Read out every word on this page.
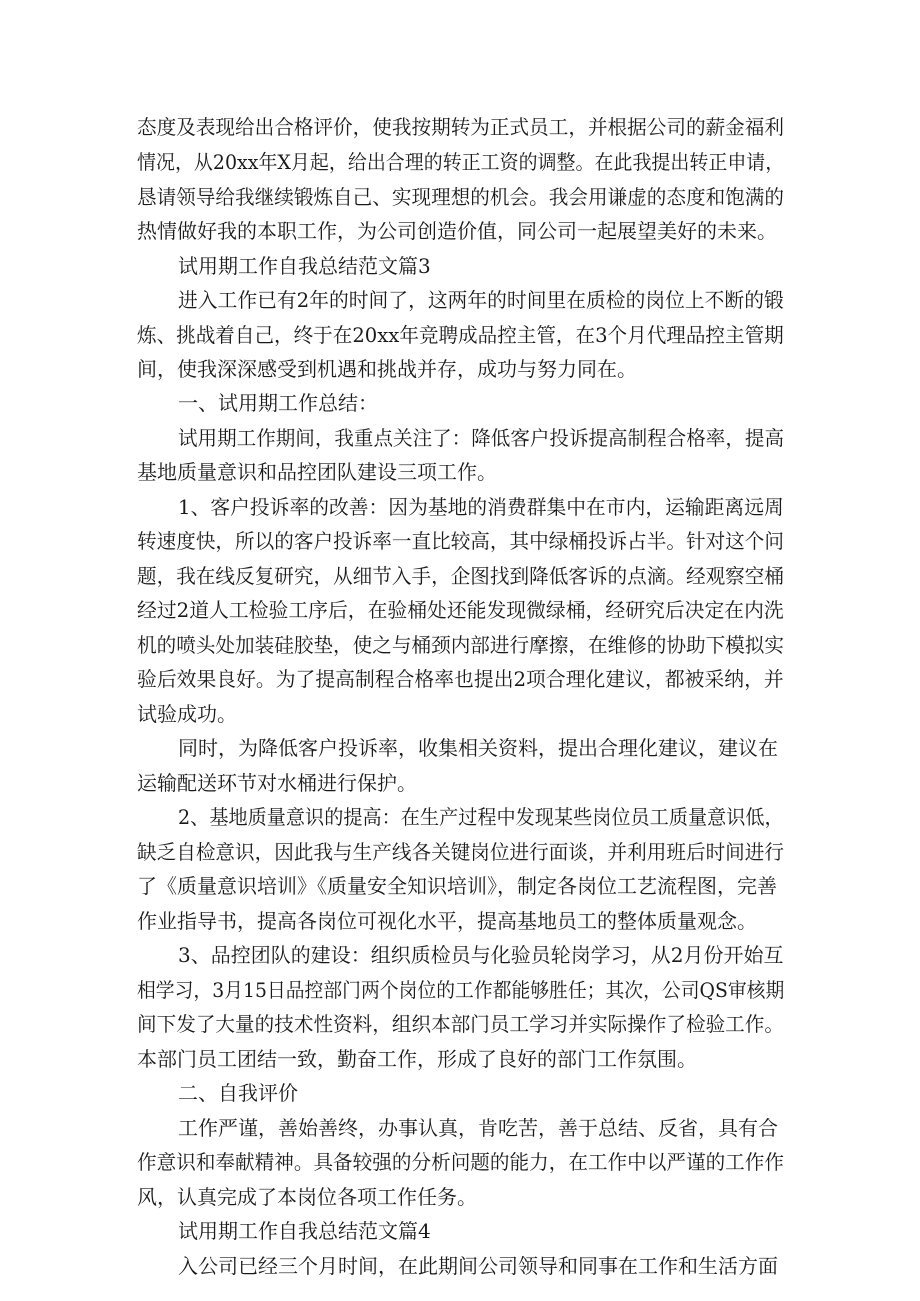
态度及表现给出合格评价，使我按期转为正式员工，并根据公司的薪金福利
情况，从20xx年X月起，给出合理的转正工资的调整。在此我提出转正申请，
恳请领导给我继续锻炼自己、实现理想的机会。我会用谦虚的态度和饱满的
热情做好我的本职工作，为公司创造价值，同公司一起展望美好的未来。
试用期工作自我总结范文篇3
进入工作已有2年的时间了，这两年的时间里在质检的岗位上不断的锻
炼、挑战着自己，终于在20xx年竞聘成品控主管，在3个月代理品控主管期
间，使我深深感受到机遇和挑战并存，成功与努力同在。
一、试用期工作总结：
试用期工作期间，我重点关注了：降低客户投诉提高制程合格率，提高
基地质量意识和品控团队建设三项工作。
1、客户投诉率的改善：因为基地的消费群集中在市内，运输距离远周
转速度快，所以的客户投诉率一直比较高，其中绿桶投诉占半。针对这个问
题，我在线反复研究，从细节入手，企图找到降低客诉的点滴。经观察空桶
经过2道人工检验工序后，在验桶处还能发现微绿桶，经研究后决定在内洗
机的喷头处加装硅胶垫，使之与桶颈内部进行摩擦，在维修的协助下模拟实
验后效果良好。为了提高制程合格率也提出2项合理化建议，都被采纳，并
试验成功。
同时，为降低客户投诉率，收集相关资料，提出合理化建议，建议在
运输配送环节对水桶进行保护。
2、基地质量意识的提高：在生产过程中发现某些岗位员工质量意识低，
缺乏自检意识，因此我与生产线各关键岗位进行面谈，并利用班后时间进行
了《质量意识培训》《质量安全知识培训》，制定各岗位工艺流程图，完善
作业指导书，提高各岗位可视化水平，提高基地员工的整体质量观念。
3、品控团队的建设：组织质检员与化验员轮岗学习，从2月份开始互
相学习，3月15日品控部门两个岗位的工作都能够胜任；其次，公司QS审核期
间下发了大量的技术性资料，组织本部门员工学习并实际操作了检验工作。
本部门员工团结一致，勤奋工作，形成了良好的部门工作氛围。
二、自我评价
工作严谨，善始善终，办事认真，肯吃苦，善于总结、反省，具有合
作意识和奉献精神。具备较强的分析问题的能力，在工作中以严谨的工作作
风，认真完成了本岗位各项工作任务。
试用期工作自我总结范文篇4
入公司已经三个月时间，在此期间公司领导和同事在工作和生活方面
